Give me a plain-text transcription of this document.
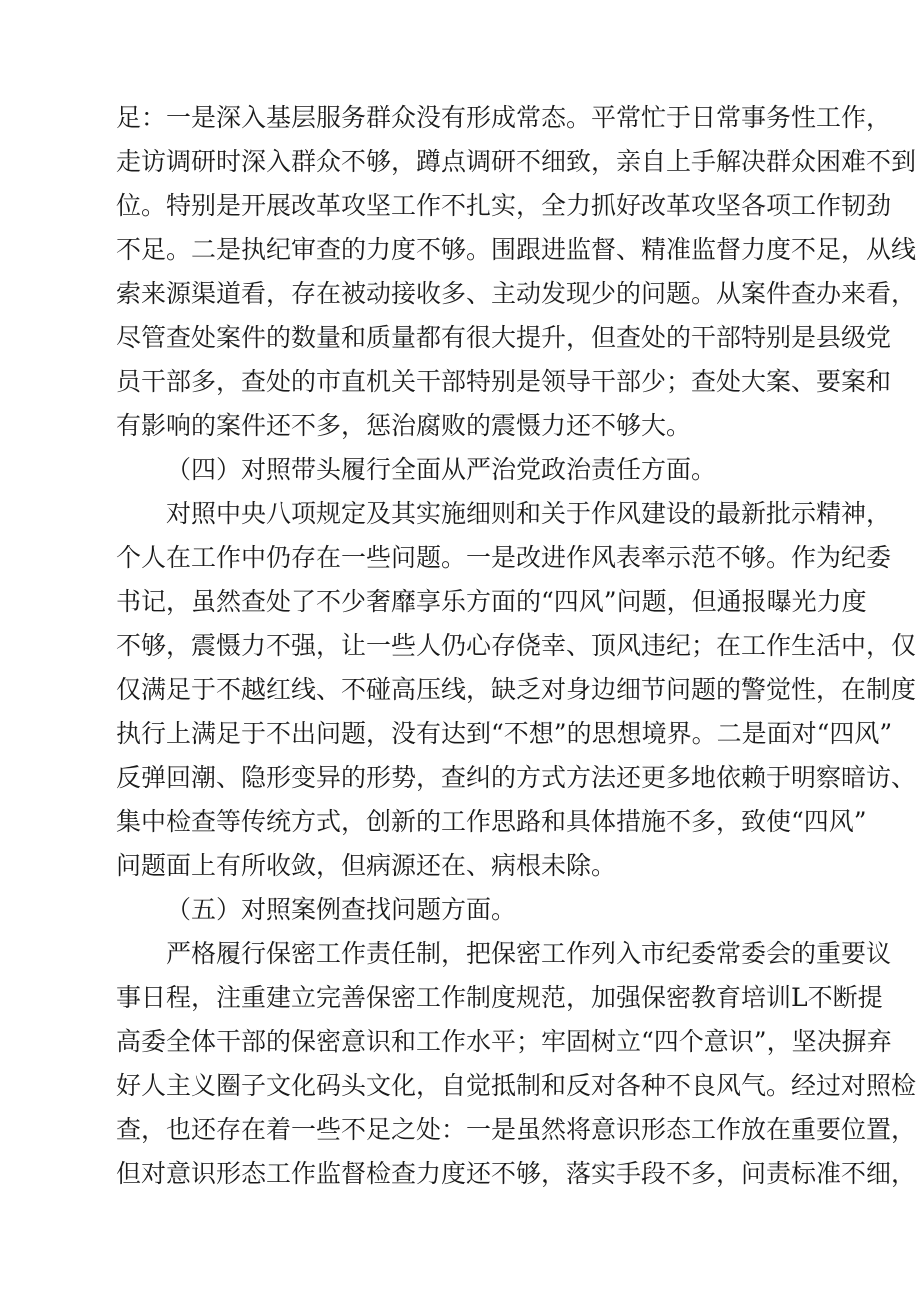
足：一是深入基层服务群众没有形成常态。平常忙于日常事务性工作，
走访调研时深入群众不够，蹲点调研不细致，亲自上手解决群众困难不到
位。特别是开展改革攻坚工作不扎实，全力抓好改革攻坚各项工作韧劲
不足。二是执纪审查的力度不够。围跟进监督、精准监督力度不足，从线
索来源渠道看，存在被动接收多、主动发现少的问题。从案件查办来看，
尽管查处案件的数量和质量都有很大提升，但查处的干部特别是县级党
员干部多，查处的市直机关干部特别是领导干部少；查处大案、要案和
有影响的案件还不多，惩治腐败的震慑力还不够大。
（四）对照带头履行全面从严治党政治责任方面。
对照中央八项规定及其实施细则和关于作风建设的最新批示精神，
个人在工作中仍存在一些问题。一是改进作风表率示范不够。作为纪委
书记，虽然查处了不少奢靡享乐方面的“四风”问题，但通报曝光力度
不够，震慑力不强，让一些人仍心存侥幸、顶风违纪；在工作生活中，仅
仅满足于不越红线、不碰高压线，缺乏对身边细节问题的警觉性，在制度
执行上满足于不出问题，没有达到“不想”的思想境界。二是面对“四风”
反弹回潮、隐形变异的形势，查纠的方式方法还更多地依赖于明察暗访、
集中检查等传统方式，创新的工作思路和具体措施不多，致使“四风”
问题面上有所收敛，但病源还在、病根未除。
（五）对照案例查找问题方面。
严格履行保密工作责任制，把保密工作列入市纪委常委会的重要议
事日程，注重建立完善保密工作制度规范，加强保密教育培训L不断提
高委全体干部的保密意识和工作水平；牢固树立“四个意识”，坚决摒弃
好人主义圈子文化码头文化，自觉抵制和反对各种不良风气。经过对照检
查，也还存在着一些不足之处：一是虽然将意识形态工作放在重要位置，
但对意识形态工作监督检查力度还不够，落实手段不多，问责标准不细，
